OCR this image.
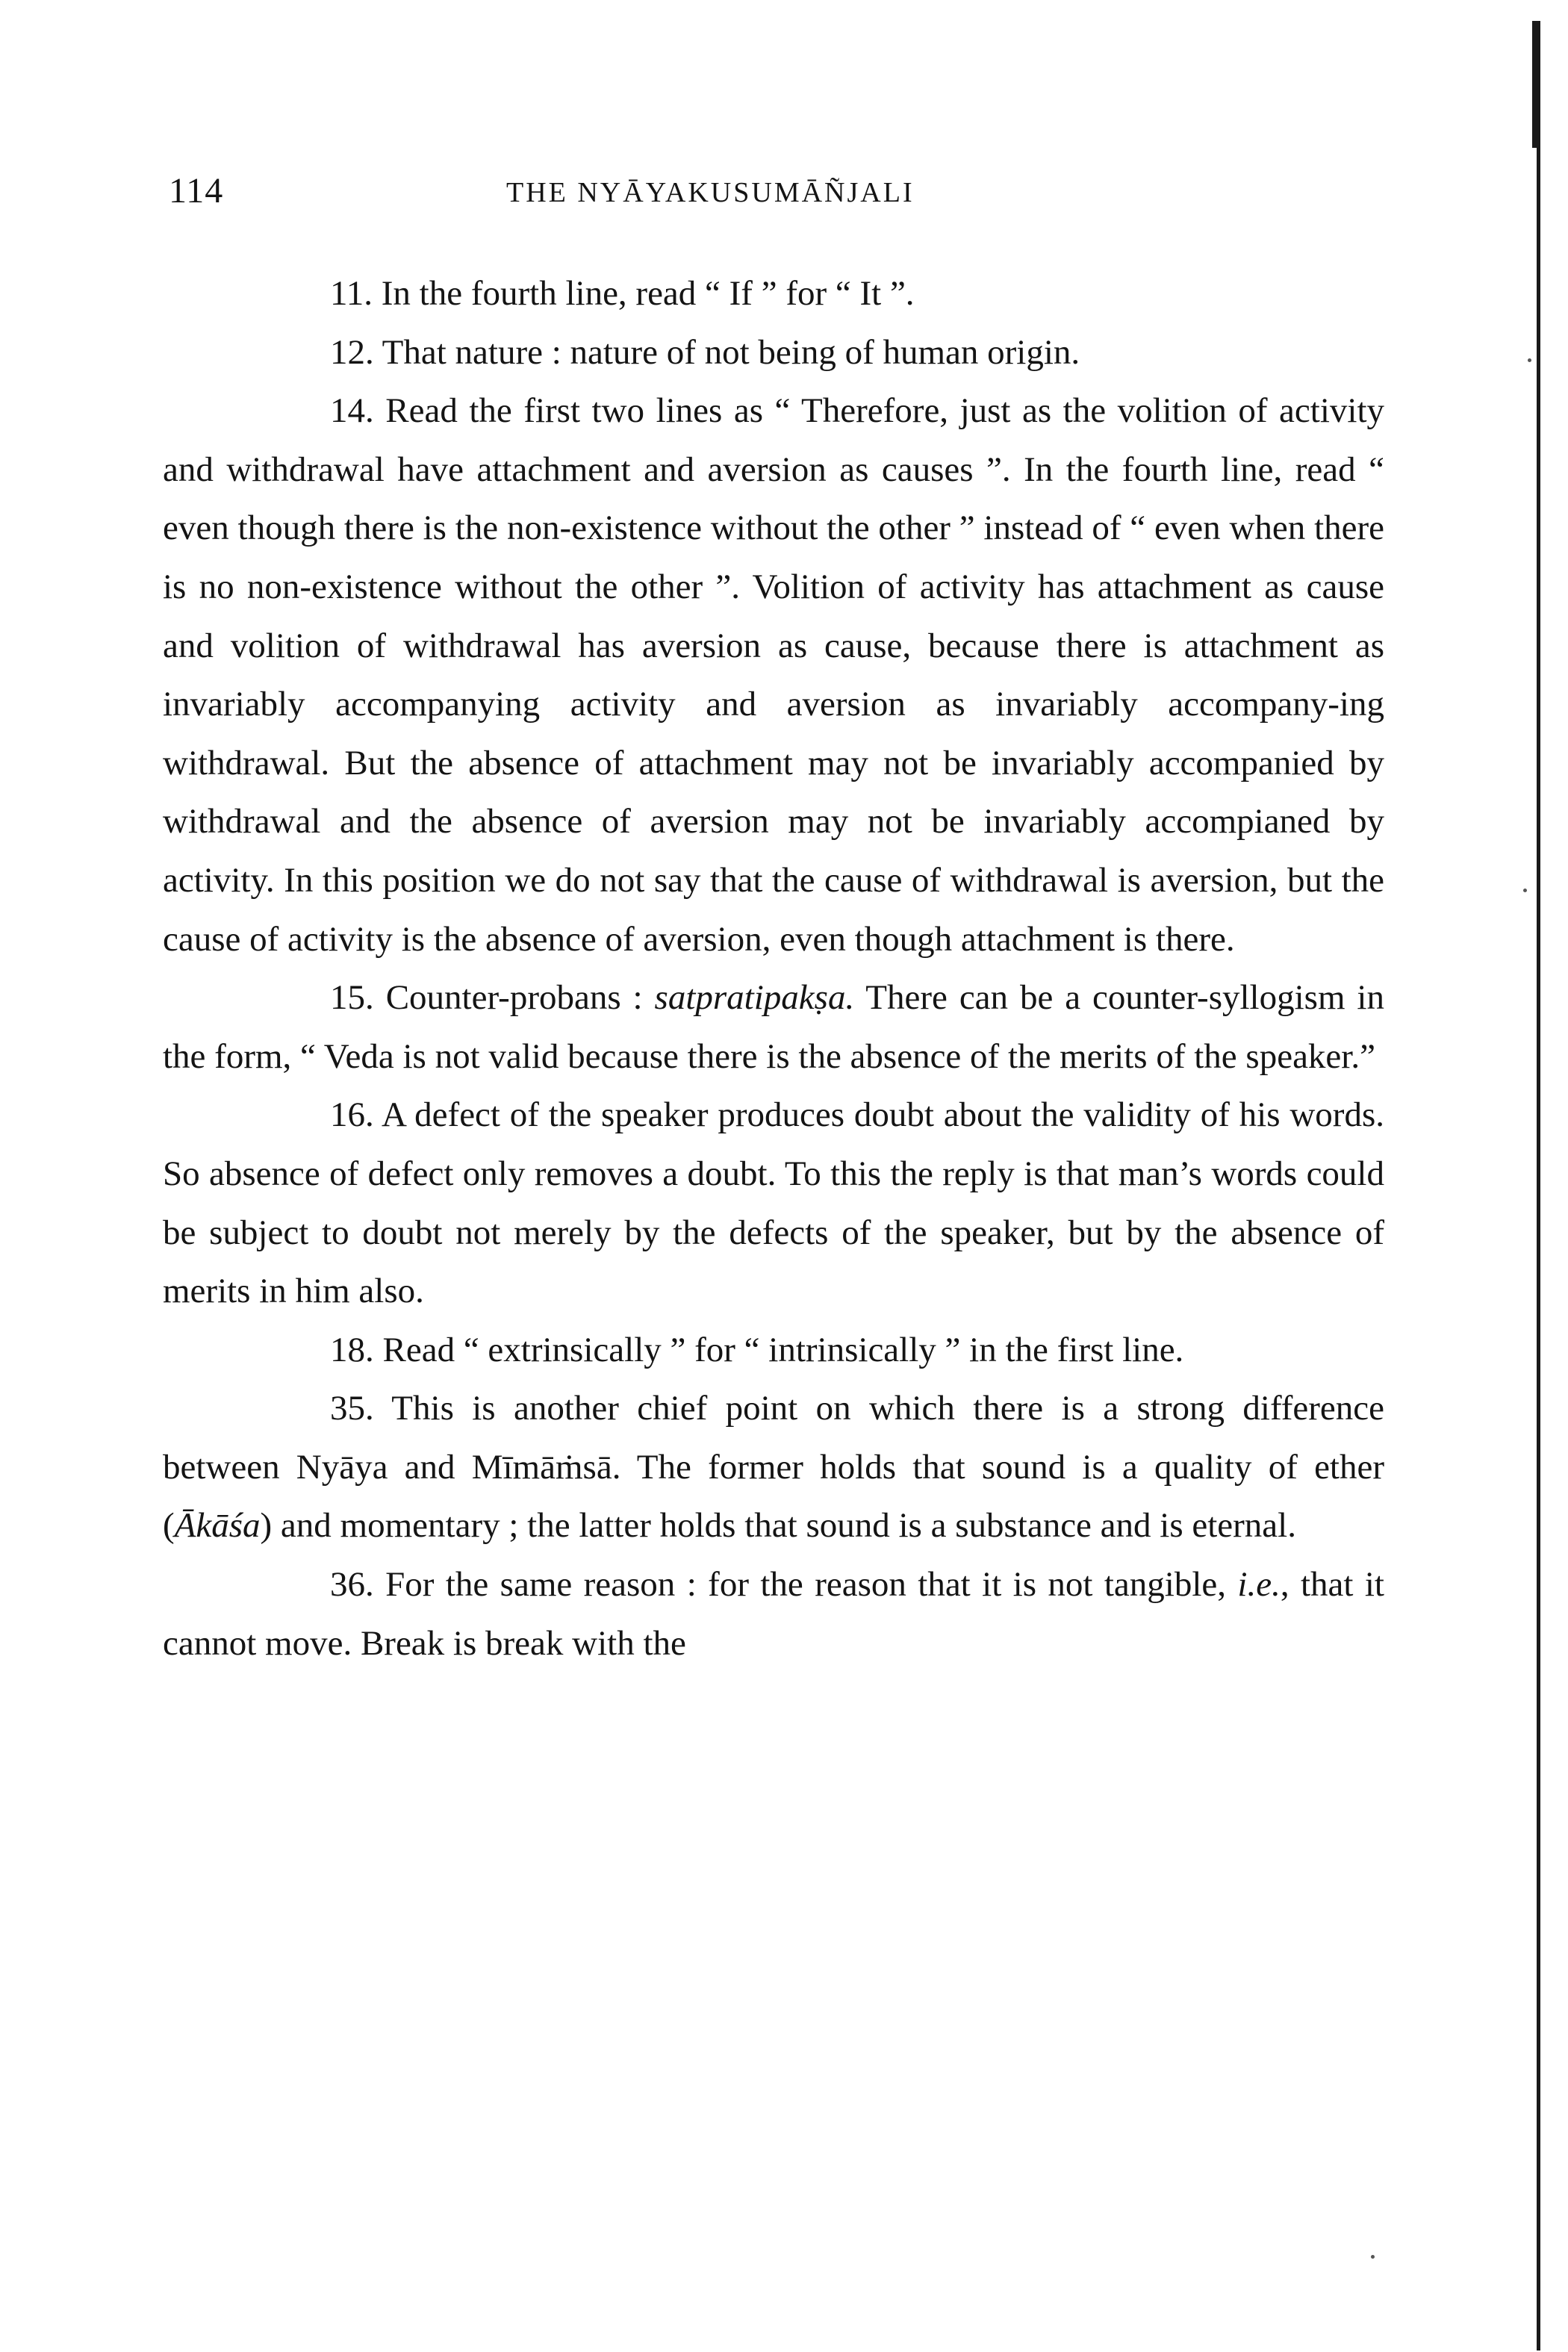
114	THE NYĀYAKUSUMĀÑJALI

11. In the fourth line, read “ If ” for “ It ”.

12. That nature : nature of not being of human origin.

14. Read the first two lines as “ Therefore, just as the volition of activity and withdrawal have attachment and aversion as causes ”. In the fourth line, read “ even though there is the non-existence without the other ” instead of “ even when there is no non-existence without the other ”. Volition of activity has attachment as cause and volition of withdrawal has aversion as cause, because there is attachment as invariably accompanying activity and aversion as invariably accompany-ing withdrawal. But the absence of attachment may not be invariably accompanied by withdrawal and the absence of aversion may not be invariably accompianed by activity. In this position we do not say that the cause of withdrawal is aversion, but the cause of activity is the absence of aversion, even though attachment is there.

15. Counter-probans : satpratipakṣa. There can be a counter-syllogism in the form, “ Veda is not valid because there is the absence of the merits of the speaker.”

16. A defect of the speaker produces doubt about the validity of his words. So absence of defect only removes a doubt. To this the reply is that man’s words could be subject to doubt not merely by the defects of the speaker, but by the absence of merits in him also.

18. Read “ extrinsically ” for “ intrinsically ” in the first line.

35. This is another chief point on which there is a strong difference between Nyāya and Mīmāṁsā. The former holds that sound is a quality of ether (Ākāśa) and momentary ; the latter holds that sound is a substance and is eternal.

36. For the same reason : for the reason that it is not tangible, i.e., that it cannot move. Break is break with the
